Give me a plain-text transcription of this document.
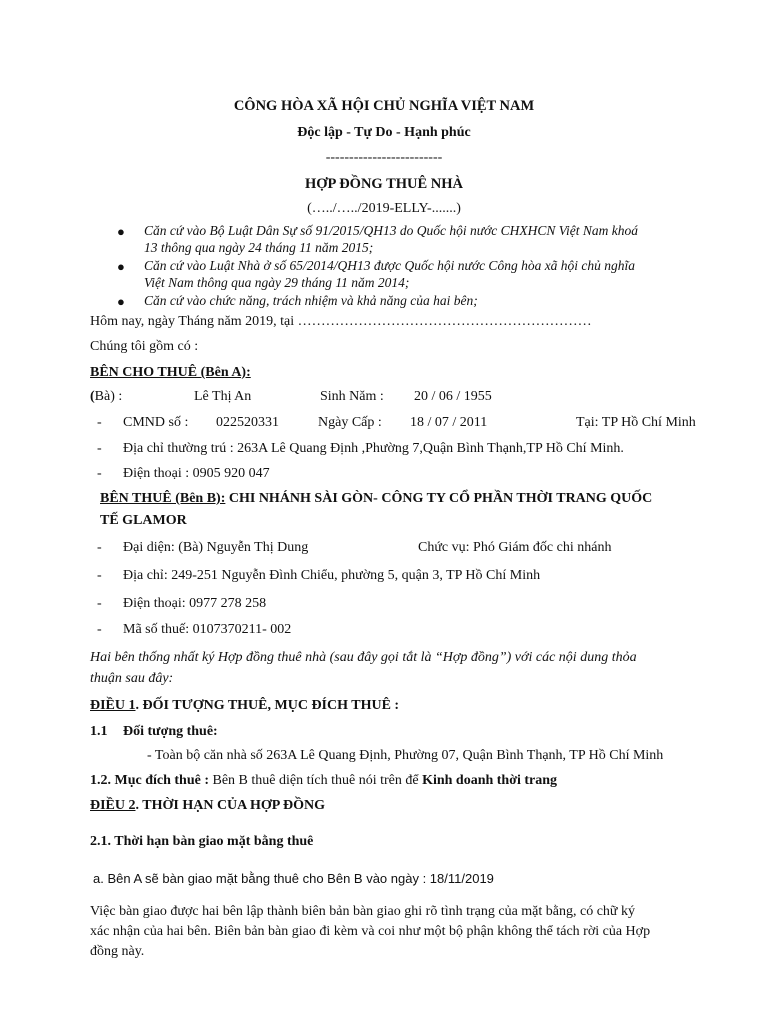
CÔNG HÒA XÃ HỘI CHỦ NGHĨA VIỆT NAM
Độc lập - Tự Do - Hạnh phúc
-------------------------
HỢP ĐỒNG THUÊ NHÀ
(…../…../2019-ELLY-.......)
● Căn cứ vào Bộ Luật Dân Sự số 91/2015/QH13 do Quốc hội nước CHXHCN Việt Nam khoá
13 thông qua ngày 24 tháng 11 năm 2015;
● Căn cứ vào Luật Nhà ở số 65/2014/QH13 được Quốc hội nước Công hòa xã hội chủ nghĩa
Việt Nam thông qua ngày 29 tháng 11 năm 2014;
● Căn cứ vào chức năng, trách nhiệm và khả năng của hai bên;
Hôm nay, ngày Tháng năm 2019, tại ………………………………………………………
Chúng tôi gồm có :
BÊN CHO THUÊ (Bên A):
(Bà) :	Lê Thị An	Sinh Năm : 20 / 06 / 1955
- CMND số : 022520331	Ngày Cấp : 18 / 07 / 2011	Tại: TP Hồ Chí Minh
- Địa chỉ thường trú : 263A Lê Quang Định ,Phường 7,Quận Bình Thạnh,TP Hồ Chí Minh.
- Điện thoại : 0905 920 047
BÊN THUÊ (Bên B): CHI NHÁNH SÀI GÒN- CÔNG TY CỔ PHẦN THỜI TRANG QUỐC
TẾ GLAMOR
- Đại diện: (Bà) Nguyễn Thị Dung	Chức vụ: Phó Giám đốc chi nhánh
- Địa chỉ: 249-251 Nguyễn Đình Chiểu, phường 5, quận 3, TP Hồ Chí Minh
- Điện thoại: 0977 278 258
- Mã số thuế: 0107370211- 002
Hai bên thống nhất ký Hợp đồng thuê nhà (sau đây gọi tắt là “Hợp đồng”) với các nội dung thỏa
thuận sau đây:
ĐIỀU 1. ĐỐI TƯỢNG THUÊ, MỤC ĐÍCH THUÊ :
1.1 Đối tượng thuê:
- Toàn bộ căn nhà số 263A Lê Quang Định, Phường 07, Quận Bình Thạnh, TP Hồ Chí Minh
1.2. Mục đích thuê : Bên B thuê diện tích thuê nói trên để Kinh doanh thời trang
ĐIỀU 2. THỜI HẠN CỦA HỢP ĐỒNG
2.1. Thời hạn bàn giao mặt bằng thuê
a. Bên A sẽ bàn giao mặt bằng thuê cho Bên B vào ngày : 18/11/2019
Việc bàn giao được hai bên lập thành biên bản bàn giao ghi rõ tình trạng của mặt bằng, có chữ ký
xác nhận của hai bên. Biên bản bàn giao đi kèm và coi như một bộ phận không thể tách rời của Hợp
đồng này.
